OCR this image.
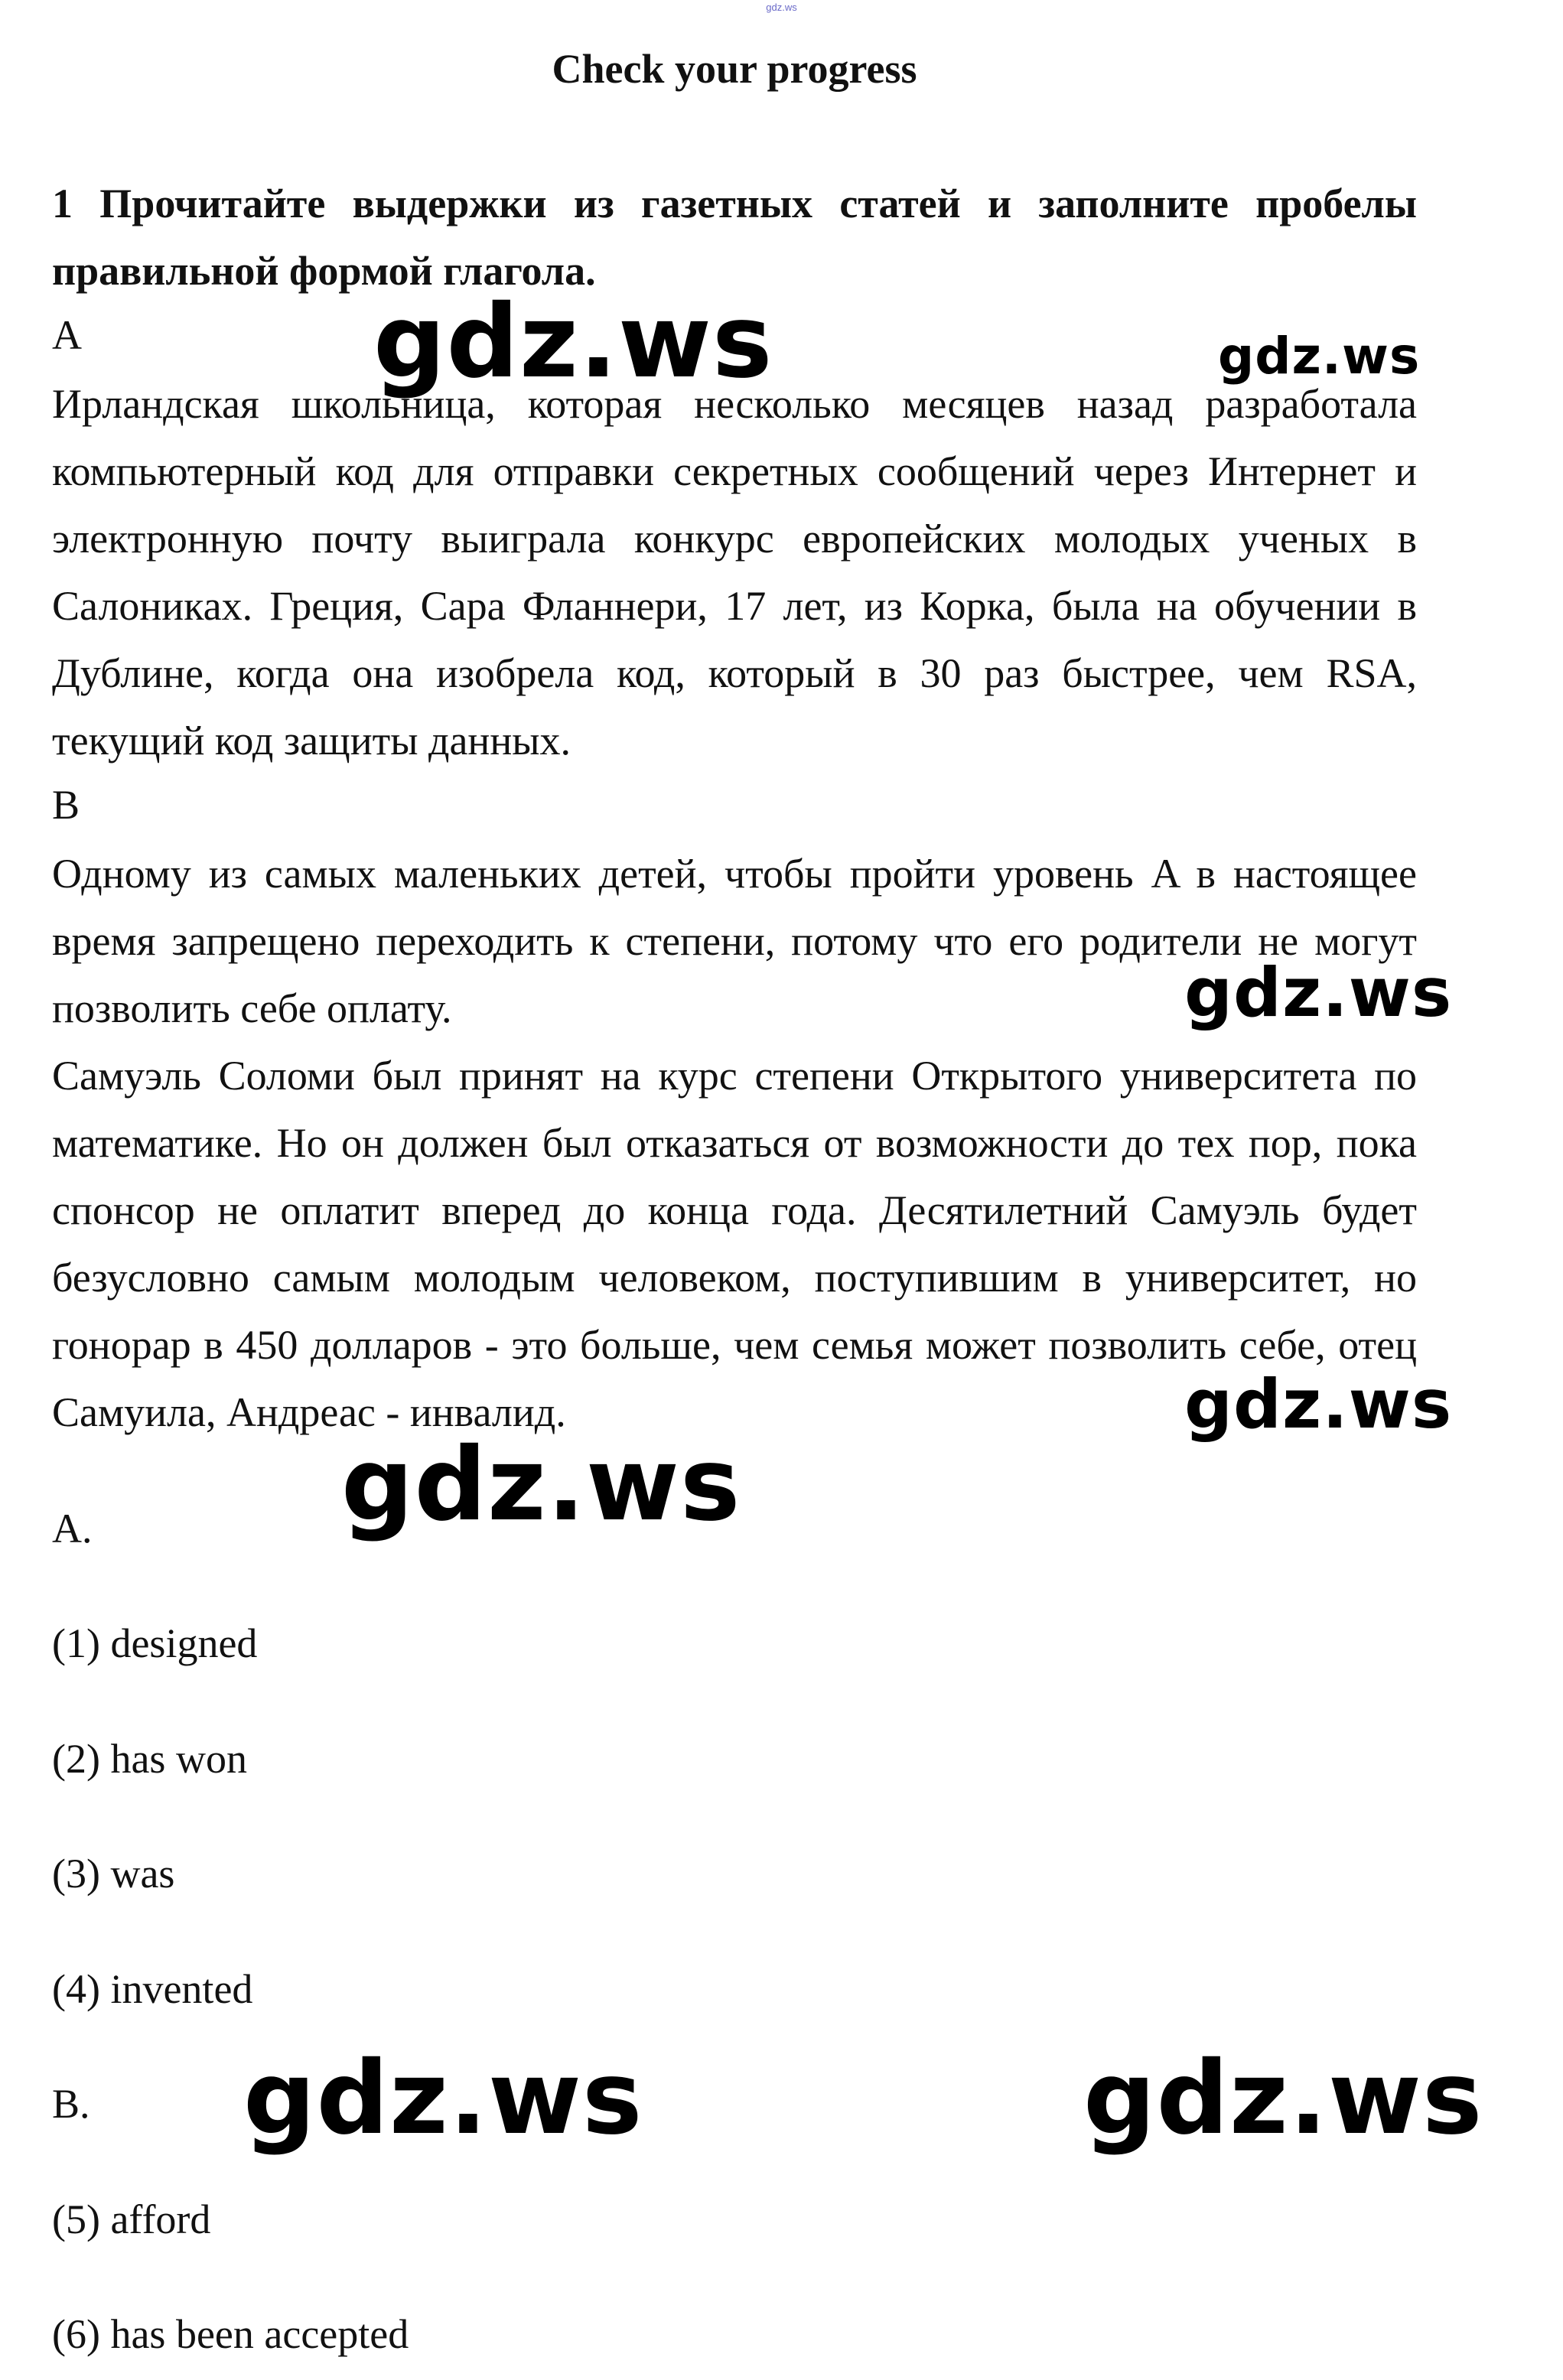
gdz.ws
Check your progress
1 Прочитайте выдержки из газетных статей и заполните пробелы правильной формой глагола.
A

Ирландская школьница, которая несколько месяцев назад разработала компьютерный код для отправки секретных сообщений через Интернет и электронную почту выиграла конкурс европейских молодых ученых в Салониках. Греция, Сара Фланнери, 17 лет, из Корка, была на обучении в Дублине, когда она изобрела код, который в 30 раз быстрее, чем RSA, текущий код защиты данных.

B

Одному из самых маленьких детей, чтобы пройти уровень A в настоящее время запрещено переходить к степени, потому что его родители не могут позволить себе оплату.

Самуэль Соломи был принят на курс степени Открытого университета по математике. Но он должен был отказаться от возможности до тех пор, пока спонсор не оплатит вперед до конца года. Десятилетний Самуэль будет безусловно самым молодым человеком, поступившим в университет, но гонорар в 450 долларов - это больше, чем семья может позволить себе, отец Самуила, Андреас - инвалид.

A.
(1) designed
(2) has won
(3) was
(4) invented
B.
(5) afford
(6) has been accepted
gdz.ws	gdz.ws
gdz.ws
gdz.ws
gdz.ws
gdz.ws	gdz.ws
